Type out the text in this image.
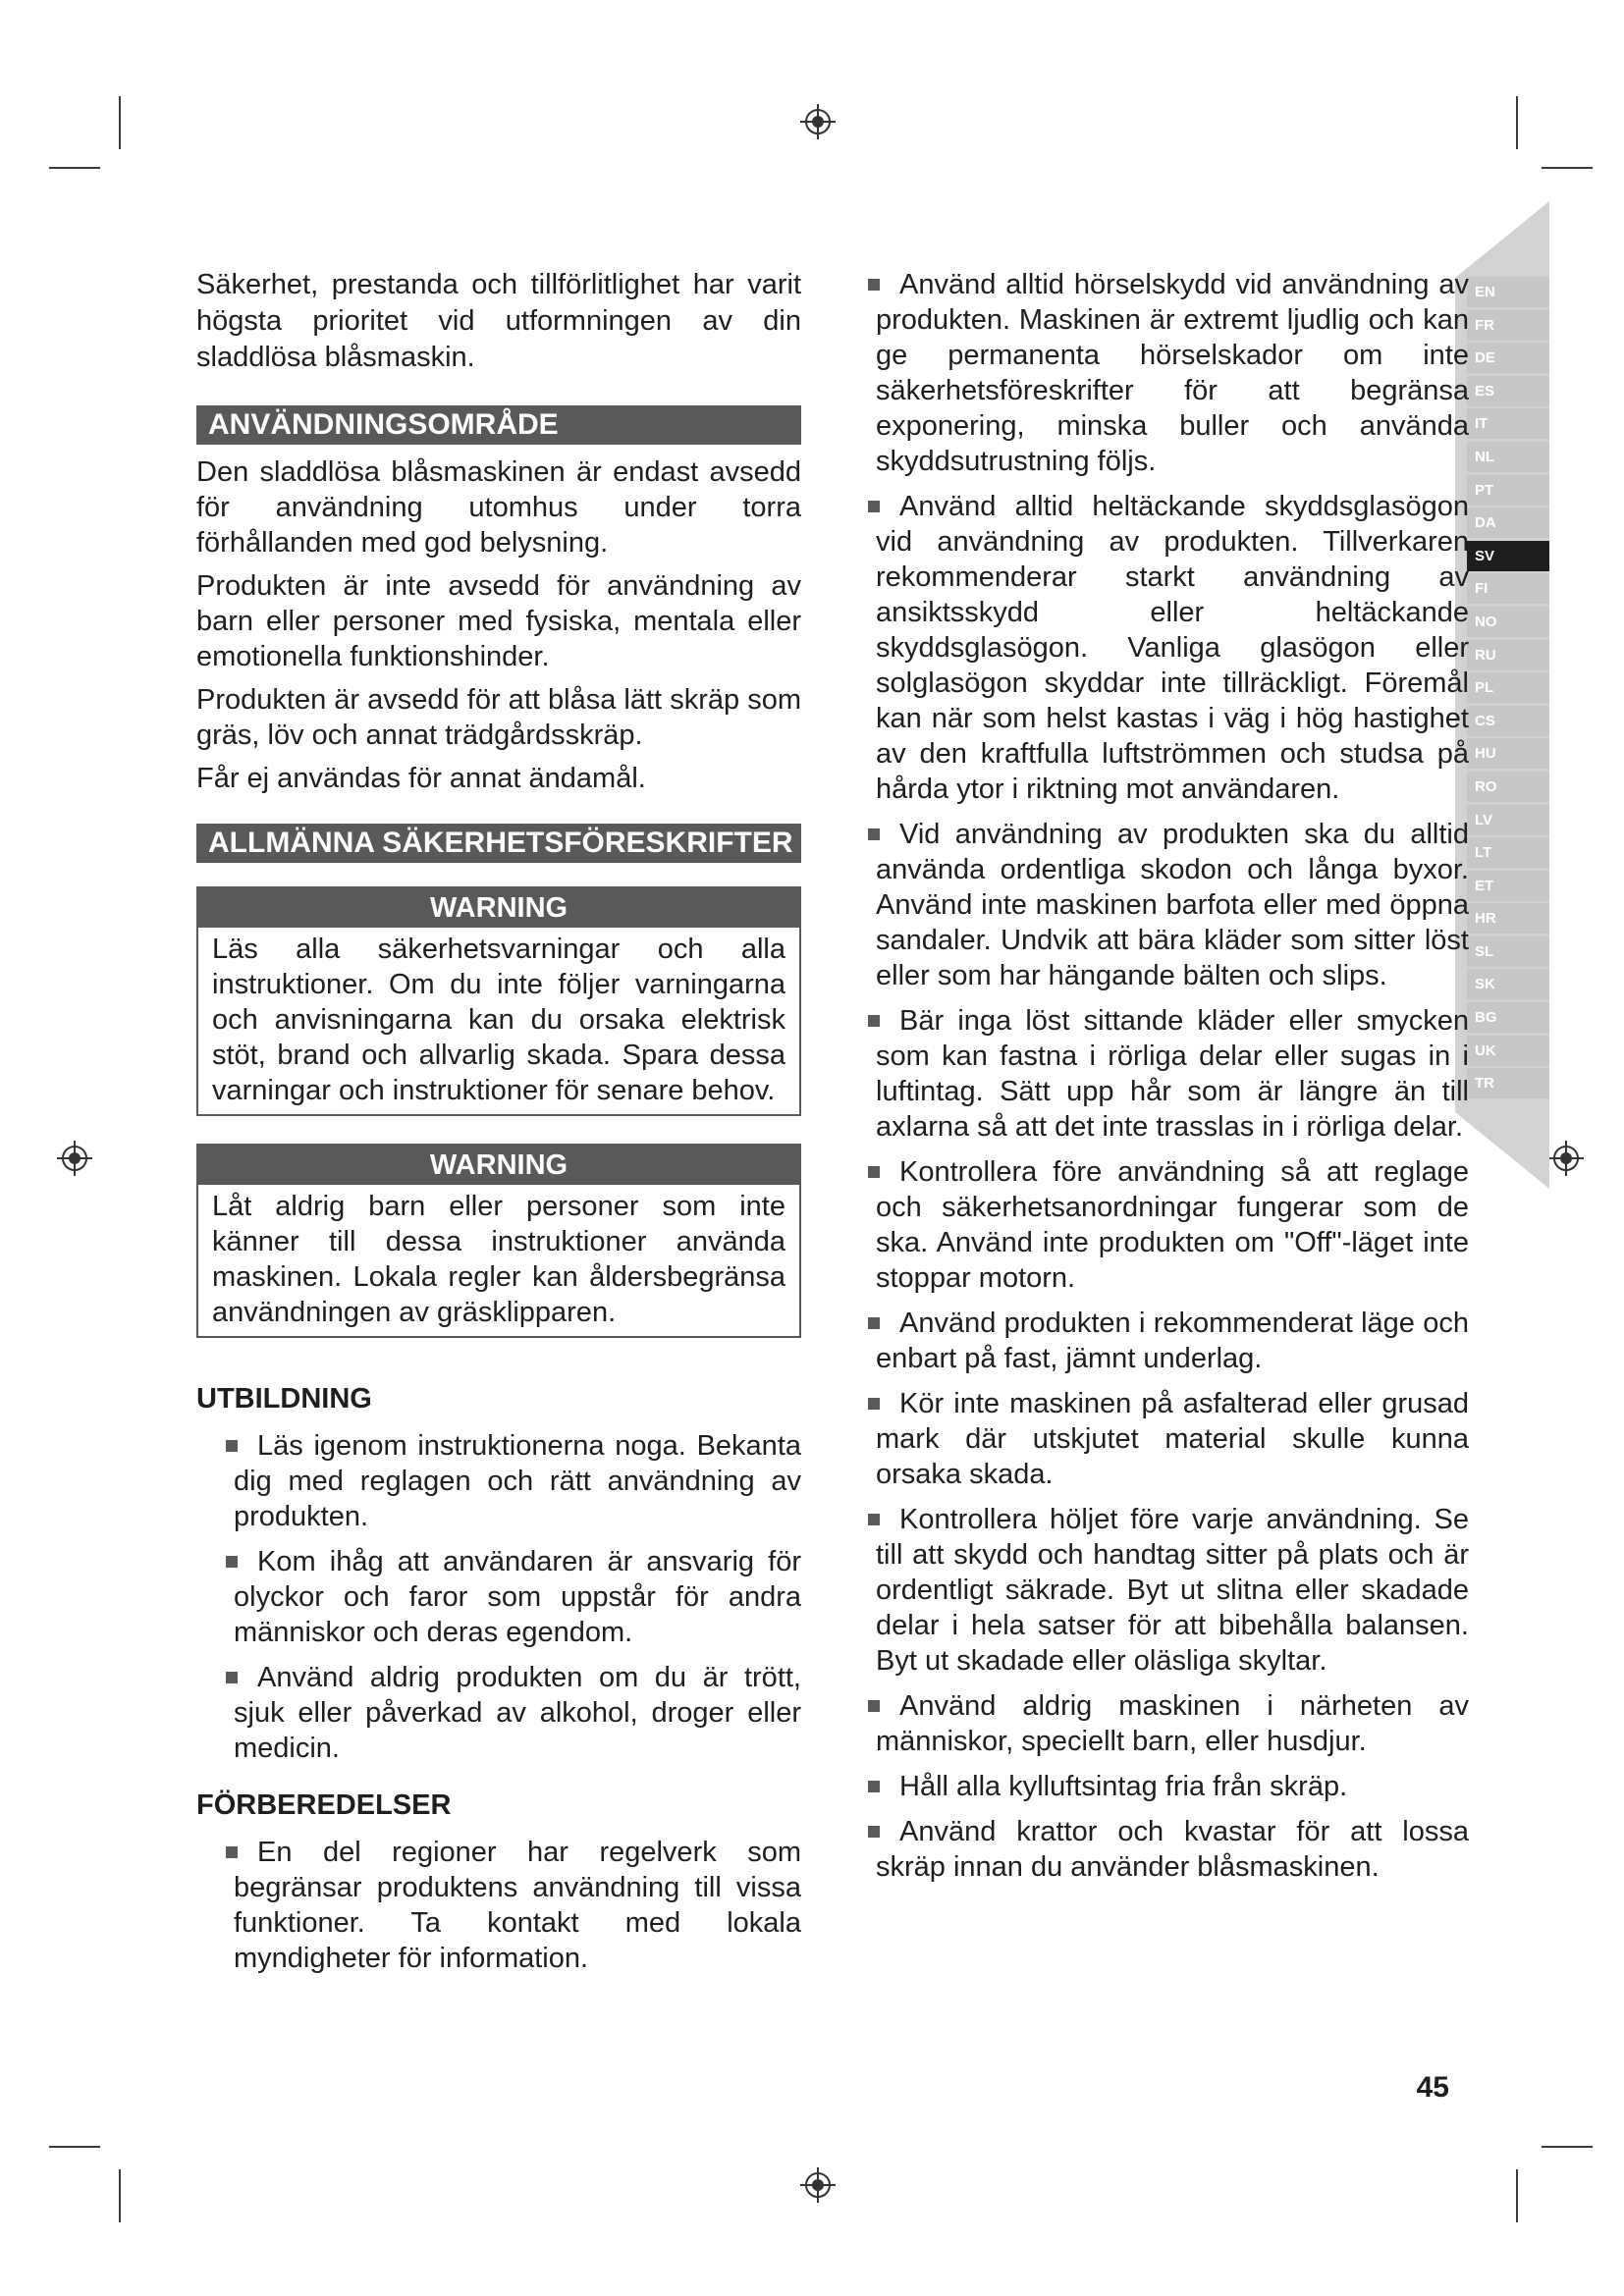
EN
FR
DE
ES
IT
NL
PT
DA
SV
FI
NO
RU
PL
CS
HU
RO
LV
LT
ET
HR
SL
SK
BG
UK
TR

Säkerhet, prestanda och tillförlitlighet har varit högsta prioritet vid utformningen av din sladdlösa blåsmaskin.

ANVÄNDNINGSOMRÅDE

Den sladdlösa blåsmaskinen är endast avsedd för användning utomhus under torra förhållanden med god belysning.

Produkten är inte avsedd för användning av barn eller personer med fysiska, mentala eller emotionella funktionshinder.

Produkten är avsedd för att blåsa lätt skräp som gräs, löv och annat trädgårdsskräp.

Får ej användas för annat ändamål.

ALLMÄNNA SÄKERHETSFÖRESKRIFTER
WARNING

Läs alla säkerhetsvarningar och alla instruktioner. Om du inte följer varningarna och anvisningarna kan du orsaka elektrisk stöt, brand och allvarlig skada. Spara dessa varningar och instruktioner för senare behov.

WARNING

Låt aldrig barn eller personer som inte känner till dessa instruktioner använda maskinen. Lokala regler kan åldersbegränsa användningen av gräsklipparen.

UTBILDNING

Läs igenom instruktionerna noga. Bekanta dig med reglagen och rätt användning av produkten.

Kom ihåg att användaren är ansvarig för olyckor och faror som uppstår för andra människor och deras egendom.

Använd aldrig produkten om du är trött, sjuk eller påverkad av alkohol, droger eller medicin.

FÖRBEREDELSER

En del regioner har regelverk som begränsar produktens användning till vissa funktioner. Ta kontakt med lokala myndigheter för information.

Använd alltid hörselskydd vid användning av produkten. Maskinen är extremt ljudlig och kan ge permanenta hörselskador om inte säkerhetsföreskrifter för att begränsa exponering, minska buller och använda skyddsutrustning följs.

Använd alltid heltäckande skyddsglasögon vid användning av produkten. Tillverkaren rekommenderar starkt användning av ansiktsskydd eller heltäckande skyddsglasögon. Vanliga glasögon eller solglasögon skyddar inte tillräckligt. Föremål kan när som helst kastas i väg i hög hastighet av den kraftfulla luftströmmen och studsa på hårda ytor i riktning mot användaren.

Vid användning av produkten ska du alltid använda ordentliga skodon och långa byxor. Använd inte maskinen barfota eller med öppna sandaler. Undvik att bära kläder som sitter löst eller som har hängande bälten och slips.

Bär inga löst sittande kläder eller smycken som kan fastna i rörliga delar eller sugas in i luftintag. Sätt upp hår som är längre än till axlarna så att det inte trasslas in i rörliga delar.

Kontrollera före användning så att reglage och säkerhetsanordningar fungerar som de ska. Använd inte produkten om "Off"-läget inte stoppar motorn.

Använd produkten i rekommenderat läge och enbart på fast, jämnt underlag.

Kör inte maskinen på asfalterad eller grusad mark där utskjutet material skulle kunna orsaka skada.

Kontrollera höljet före varje användning. Se till att skydd och handtag sitter på plats och är ordentligt säkrade. Byt ut slitna eller skadade delar i hela satser för att bibehålla balansen. Byt ut skadade eller oläsliga skyltar.

Använd aldrig maskinen i närheten av människor, speciellt barn, eller husdjur.

Håll alla kylluftsintag fria från skräp.

Använd krattor och kvastar för att lossa skräp innan du använder blåsmaskinen.

45
